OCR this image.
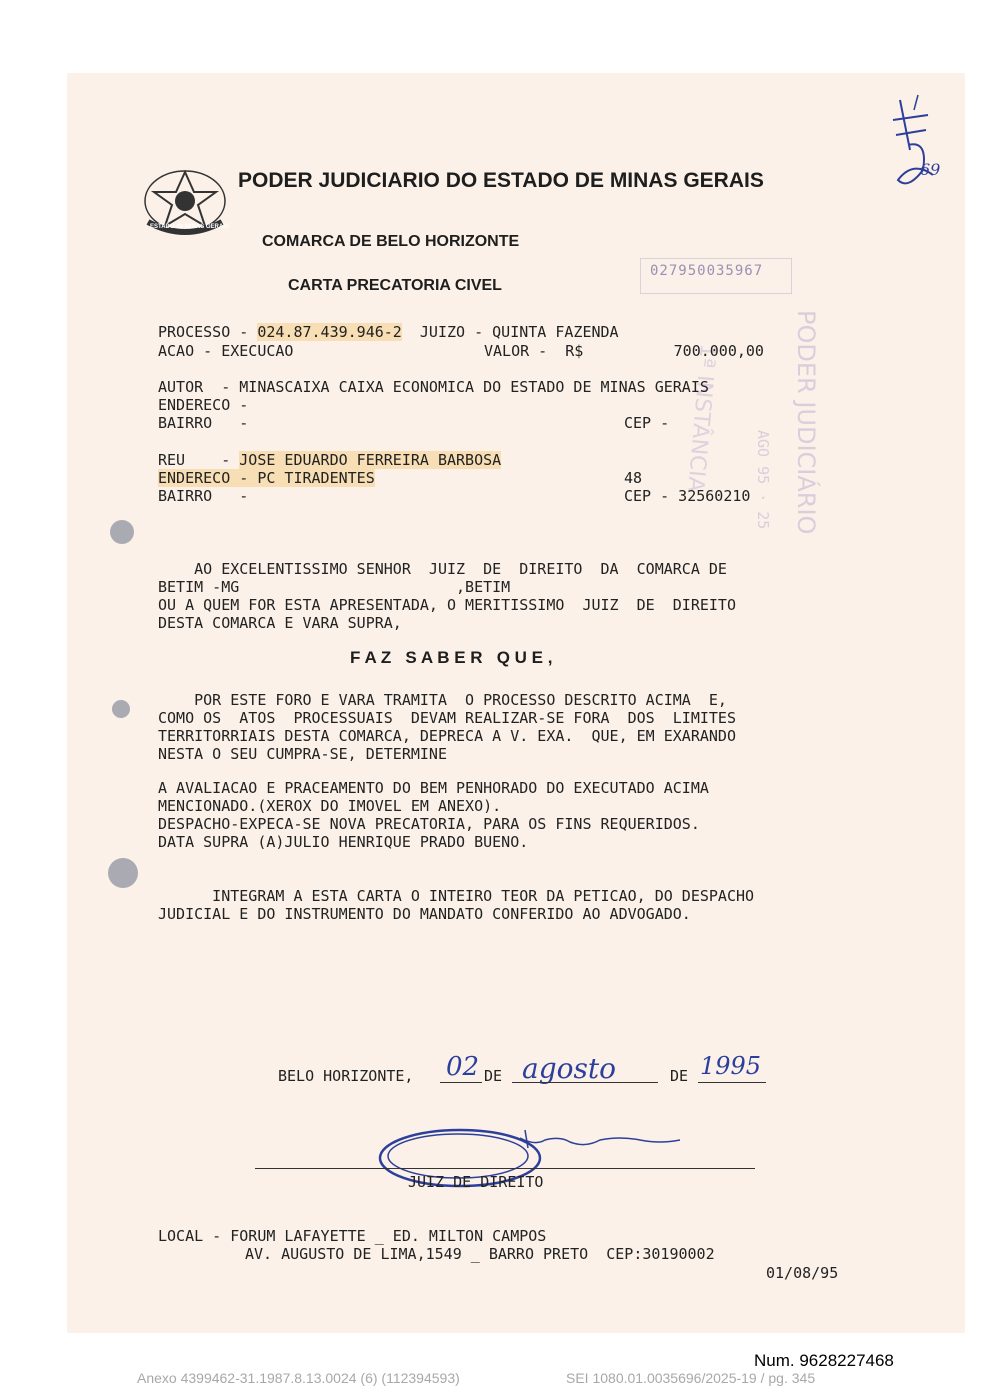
ESTADO de MINAS GERAIS
PODER JUDICIARIO DO ESTADO DE MINAS GERAIS
COMARCA DE BELO HORIZONTE
CARTA PRECATORIA CIVEL
027950035967
PODER JUDICIÁRIO
1ª INSTÂNCIA AGO 95 · 25
PROCESSO - 024.87.439.946-2  JUIZO - QUINTA FAZENDA
ACAO - EXECUCAO	VALOR -  R$          700.000,00
AUTOR  - MINASCAIXA CAIXA ECONOMICA DO ESTADO DE MINAS GERAIS
ENDERECO -
BAIRRO   -	CEP -
REU    - JOSE EDUARDO FERREIRA BARBOSA
ENDERECO - PC TIRADENTES	48
BAIRRO   -	CEP - 32560210
AO EXCELENTISSIMO SENHOR  JUIZ  DE  DIREITO  DA  COMARCA DE
BETIM -MG                        ,BETIM
OU A QUEM FOR ESTA APRESENTADA, O MERITISSIMO  JUIZ  DE  DIREITO
DESTA COMARCA E VARA SUPRA,
F A Z   S A B E R   Q U E ,
POR ESTE FORO E VARA TRAMITA  O PROCESSO DESCRITO ACIMA  E,
COMO OS  ATOS  PROCESSUAIS  DEVAM REALIZAR-SE FORA  DOS  LIMITES
TERRITORRIAIS DESTA COMARCA, DEPRECA A V. EXA.  QUE, EM EXARANDO
NESTA O SEU CUMPRA-SE, DETERMINE
A AVALIACAO E PRACEAMENTO DO BEM PENHORADO DO EXECUTADO ACIMA
MENCIONADO.(XEROX DO IMOVEL EM ANEXO).
DESPACHO-EXPECA-SE NOVA PRECATORIA, PARA OS FINS REQUERIDOS.
DATA SUPRA (A)JULIO HENRIQUE PRADO BUENO.
INTEGRAM A ESTA CARTA O INTEIRO TEOR DA PETICAO, DO DESPACHO
JUDICIAL E DO INSTRUMENTO DO MANDATO CONFERIDO AO ADVOGADO.
BELO HORIZONTE, 02 DE agosto	DE 1995
JUIZ DE DIREITO
LOCAL - FORUM LAFAYETTE _ ED. MILTON CAMPOS
AV. AUGUSTO DE LIMA,1549 _ BARRO PRETO  CEP:30190002
01/08/95
69
Num. 9628227468
Anexo 4399462-31.1987.8.13.0024 (6) (112394593)	SEI 1080.01.0035696/2025-19 / pg. 345
